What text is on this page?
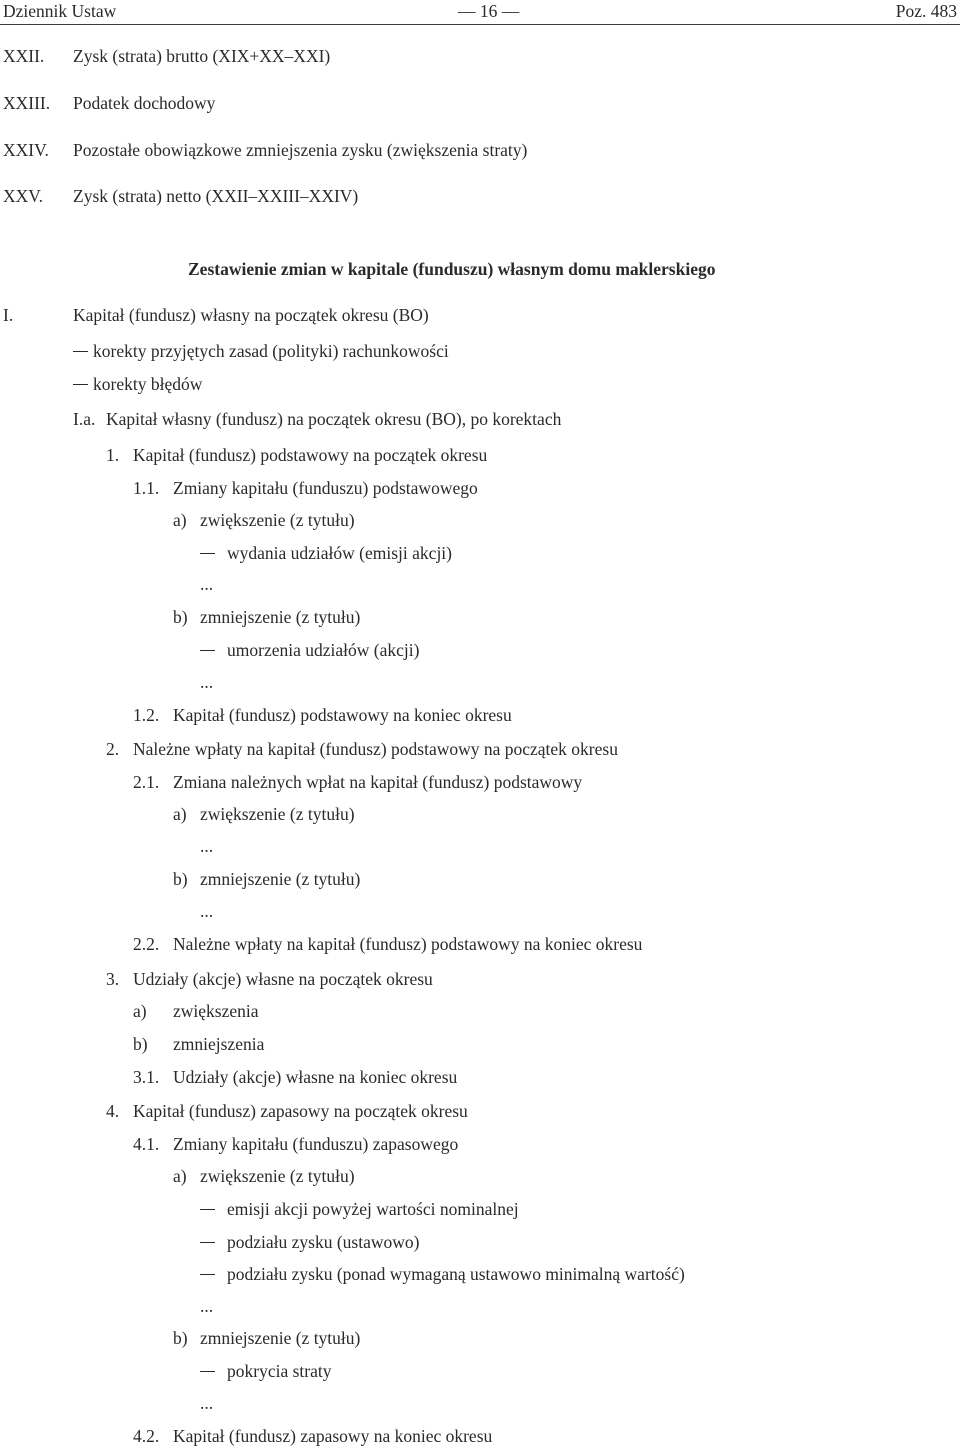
Dziennik Ustaw	— 16 —	Poz. 483
XXII. Zysk (strata) brutto (XIX+XX–XXI)
XXIII. Podatek dochodowy
XXIV. Pozostałe obowiązkowe zmniejszenia zysku (zwiększenia straty)
XXV. Zysk (strata) netto (XXII–XXIII–XXIV)
Zestawienie zmian w kapitale (funduszu) własnym domu maklerskiego
I.	Kapitał (fundusz) własny na początek okresu (BO)
korekty przyjętych zasad (polityki) rachunkowości
korekty błędów
I.a. Kapitał własny (fundusz) na początek okresu (BO), po korektach
1. Kapitał (fundusz) podstawowy na początek okresu
1.1. Zmiany kapitału (funduszu) podstawowego
a) zwiększenie (z tytułu)
wydania udziałów (emisji akcji)
...
b) zmniejszenie (z tytułu)
umorzenia udziałów (akcji)
...
1.2. Kapitał (fundusz) podstawowy na koniec okresu
2. Należne wpłaty na kapitał (fundusz) podstawowy na początek okresu
2.1. Zmiana należnych wpłat na kapitał (fundusz) podstawowy
a) zwiększenie (z tytułu)
...
b) zmniejszenie (z tytułu)
...
2.2. Należne wpłaty na kapitał (fundusz) podstawowy na koniec okresu
3. Udziały (akcje) własne na początek okresu
a) zwiększenia
b) zmniejszenia
3.1. Udziały (akcje) własne na koniec okresu
4. Kapitał (fundusz) zapasowy na początek okresu
4.1. Zmiany kapitału (funduszu) zapasowego
a) zwiększenie (z tytułu)
emisji akcji powyżej wartości nominalnej
podziału zysku (ustawowo)
podziału zysku (ponad wymaganą ustawowo minimalną wartość)
...
b) zmniejszenie (z tytułu)
pokrycia straty
...
4.2. Kapitał (fundusz) zapasowy na koniec okresu
